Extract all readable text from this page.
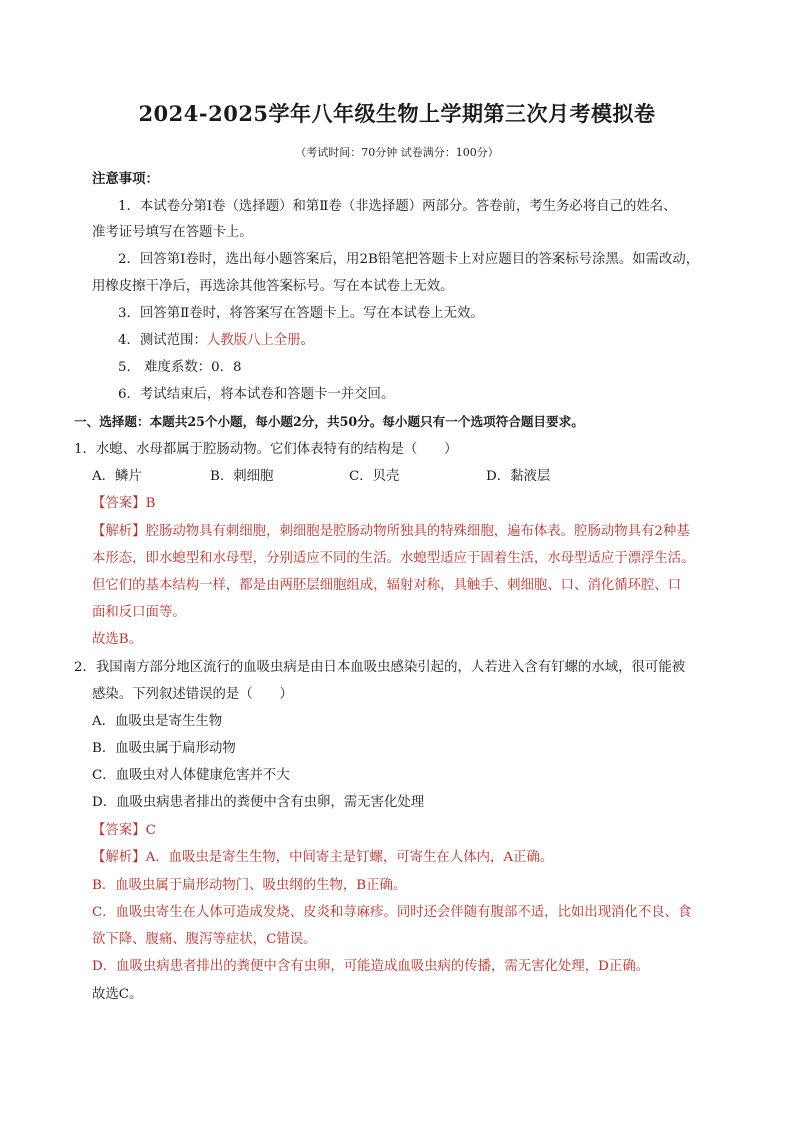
2024-2025学年八年级生物上学期第三次月考模拟卷
（考试时间：70分钟 试卷满分：100分）
注意事项：
1．本试卷分第Ⅰ卷（选择题）和第Ⅱ卷（非选择题）两部分。答卷前，考生务必将自己的姓名、
准考证号填写在答题卡上。
2．回答第Ⅰ卷时，选出每小题答案后，用2B铅笔把答题卡上对应题目的答案标号涂黑。如需改动，
用橡皮擦干净后，再选涂其他答案标号。写在本试卷上无效。
3．回答第Ⅱ卷时，将答案写在答题卡上。写在本试卷上无效。
4．测试范围：人教版八上全册。
5． 难度系数：0．8
6．考试结束后，将本试卷和答题卡一并交回。
一、选择题：本题共25个小题，每小题2分，共50分。每小题只有一个选项符合题目要求。
1．水螅、水母都属于腔肠动物。它们体表特有的结构是（　　）
A．鳞片	B．刺细胞	C．贝壳	D．黏液层
【答案】B
【解析】腔肠动物具有刺细胞，刺细胞是腔肠动物所独具的特殊细胞，遍布体表。腔肠动物具有2种基
本形态，即水螅型和水母型，分别适应不同的生活。水螅型适应于固着生活，水母型适应于漂浮生活。
但它们的基本结构一样，都是由两胚层细胞组成，辐射对称，具触手、刺细胞、口、消化循环腔、口
面和反口面等。
故选B。
2．我国南方部分地区流行的血吸虫病是由日本血吸虫感染引起的，人若进入含有钉螺的水域，很可能被
感染。下列叙述错误的是（　　）
A．血吸虫是寄生生物
B．血吸虫属于扁形动物
C．血吸虫对人体健康危害并不大
D．血吸虫病患者排出的粪便中含有虫卵，需无害化处理
【答案】C
【解析】A．血吸虫是寄生生物，中间寄主是钉螺，可寄生在人体内，A正确。
B．血吸虫属于扁形动物门、吸虫纲的生物，B正确。
C．血吸虫寄生在人体可造成发烧、皮炎和荨麻疹。同时还会伴随有腹部不适，比如出现消化不良、食
欲下降、腹痛、腹泻等症状，C错误。
D．血吸虫病患者排出的粪便中含有虫卵，可能造成血吸虫病的传播，需无害化处理，D正确。
故选C。
